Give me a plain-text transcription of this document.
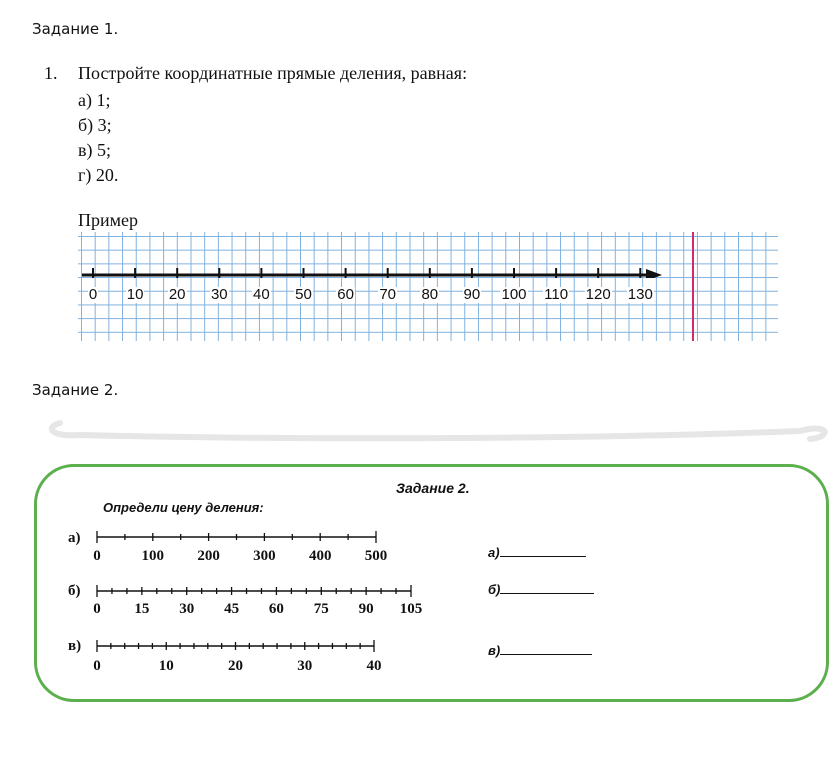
Задание 1.
1. Постройте координатные прямые деления, равная:
а) 1;
б) 3;
в) 5;
г) 20.
Пример
0 10 20 30 40 50 60 70 80 90 100 110 120 130
Задание 2.
Задание 2.
Определи цену деления:
а)
0	100 200 300 400 500	а)
б)
0 15 30 45 60 75 90 105
б)
в)
0	10	20	30	40
в)
